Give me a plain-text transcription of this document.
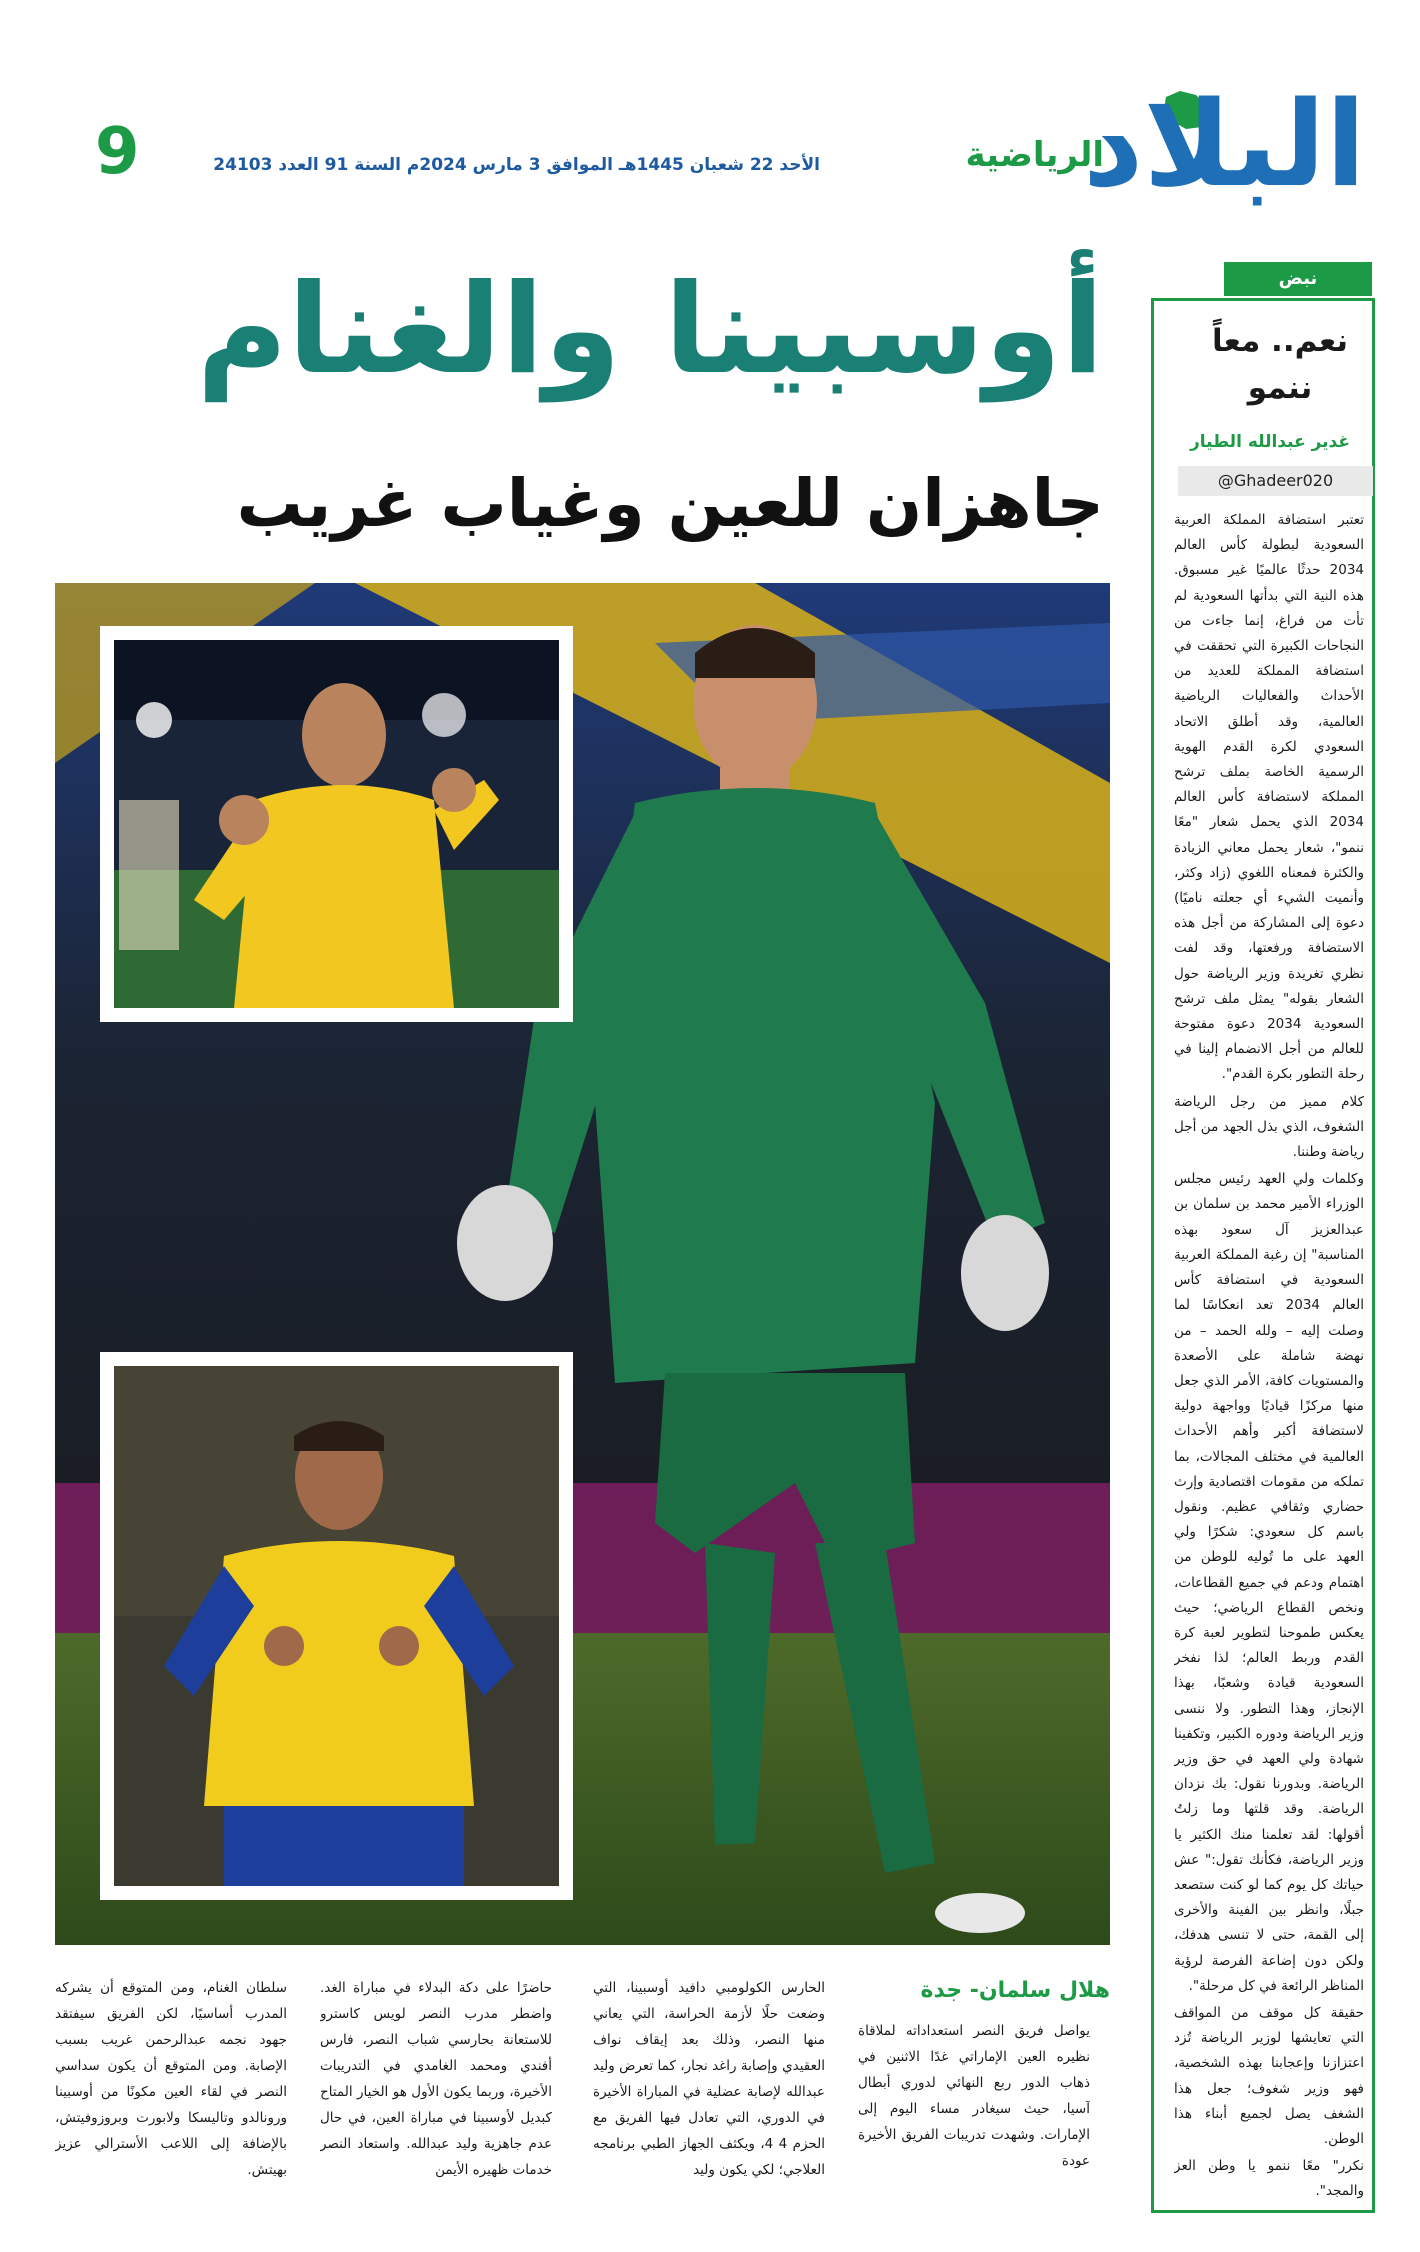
البلاد
الرياضية
الأحد 22 شعبان 1445هـ الموافق 3 مارس 2024م السنة 91 العدد 24103
9
أوسبينا والغنام
جاهزان للعين وغياب غريب
نبض
نعم.. معاً ننمو
غدير عبدالله الطيار
@Ghadeer020

تعتبر استضافة المملكة العربية السعودية لبطولة كأس العالم 2034 حدثًا عالميًا غير مسبوق. هذه النية التي بدأتها السعودية لم تأت من فراغ، إنما جاءت من النجاحات الكبيرة التي تحققت في استضافة المملكة للعديد من الأحداث والفعاليات الرياضية العالمية، وقد أطلق الاتحاد السعودي لكرة القدم الهوية الرسمية الخاصة بملف ترشح المملكة لاستضافة كأس العالم 2034 الذي يحمل شعار "معًا ننمو"، شعار يحمل معاني الزيادة والكثرة فمعناه اللغوي (زاد وكثر، وأنميت الشيء أي جعلته ناميًا) دعوة إلى المشاركة من أجل هذه الاستضافة ورفعتها، وقد لفت نظري تغريدة وزير الرياضة حول الشعار بقوله" يمثل ملف ترشح السعودية 2034 دعوة مفتوحة للعالم من أجل الانضمام إلينا في رحلة التطور بكرة القدم".

كلام مميز من رجل الرياضة الشغوف، الذي بذل الجهد من أجل رياضة وطننا.

وكلمات ولي العهد رئيس مجلس الوزراء الأمير محمد بن سلمان بن عبدالعزيز آل سعود بهذه المناسبة" إن رغبة المملكة العربية السعودية في استضافة كأس العالم 2034 تعد انعكاسًا لما وصلت إليه – ولله الحمد – من نهضة شاملة على الأصعدة والمستويات كافة، الأمر الذي جعل منها مركزًا قياديًا وواجهة دولية لاستضافة أكبر وأهم الأحداث العالمية في مختلف المجالات، بما تملكه من مقومات اقتصادية وإرث حضاري وثقافي عظيم. ونقول باسم كل سعودي: شكرًا ولي العهد على ما تُوليه للوطن من اهتمام ودعم في جميع القطاعات، ونخص القطاع الرياضي؛ حيث يعكس طموحنا لتطوير لعبة كرة القدم وربط العالم؛ لذا نفخر السعودية قيادة وشعبًا، بهذا الإنجاز، وهذا التطور. ولا ننسى وزير الرياضة ودوره الكبير، وتكفينا شهادة ولي العهد في حق وزير الرياضة. وبدورنا نقول: بك نزدان الرياضة. وقد قلتها وما زلتُ أقولها: لقد تعلمنا منك الكثير يا وزير الرياضة، فكأنك تقول:" عش حياتك كل يوم كما لو كنت ستصعد جبلًا، وانظر بين الفينة والأخرى إلى القمة، حتى لا تنسى هدفك، ولكن دون إضاعة الفرصة لرؤية المناظر الرائعة في كل مرحلة".

حقيقة كل موقف من المواقف التي تعايشها لوزير الرياضة تُزد اعتزازنا وإعجابنا بهذه الشخصية، فهو وزير شغوف؛ جعل هذا الشغف يصل لجميع أبناء هذا الوطن.

نكرر" معًا ننمو يا وطن العز والمجد".

هلال سلمان- جدة

يواصل فريق النصر استعداداته لملاقاة نظيره العين الإماراتي غدًا الاثنين في ذهاب الدور ربع النهائي لدوري أبطال آسيا، حيث سيغادر مساء اليوم إلى الإمارات. وشهدت تدريبات الفريق الأخيرة عودة

الحارس الكولومبي دافيد أوسبينا، التي وضعت حلًا لأزمة الحراسة، التي يعاني منها النصر، وذلك بعد إيقاف نواف العقيدي وإصابة راغد نجار، كما تعرض وليد عبدالله لإصابة عضلية في المباراة الأخيرة في الدوري، التي تعادل فيها الفريق مع الحزم 4 4، ويكثف الجهاز الطبي برنامجه العلاجي؛ لكي يكون وليد

حاضرًا على دكة البدلاء في مباراة الغد. واضطر مدرب النصر لويس كاسترو للاستعانة بحارسي شباب النصر، فارس أفندي ومحمد الغامدي في التدريبات الأخيرة، وربما يكون الأول هو الخيار المتاح كبديل لأوسبينا في مباراة العين، في حال عدم جاهزية وليد عبدالله. واستعاد النصر خدمات ظهيره الأيمن

سلطان الغنام، ومن المتوقع أن يشركه المدرب أساسيًا، لكن الفريق سيفتقد جهود نجمه عبدالرحمن غريب بسبب الإصابة. ومن المتوقع أن يكون سداسي النصر في لقاء العين مكونًا من أوسبينا ورونالدو وتاليسكا ولابورت وبروزوفيتش، بالإضافة إلى اللاعب الأسترالي عزيز بهيتش.
